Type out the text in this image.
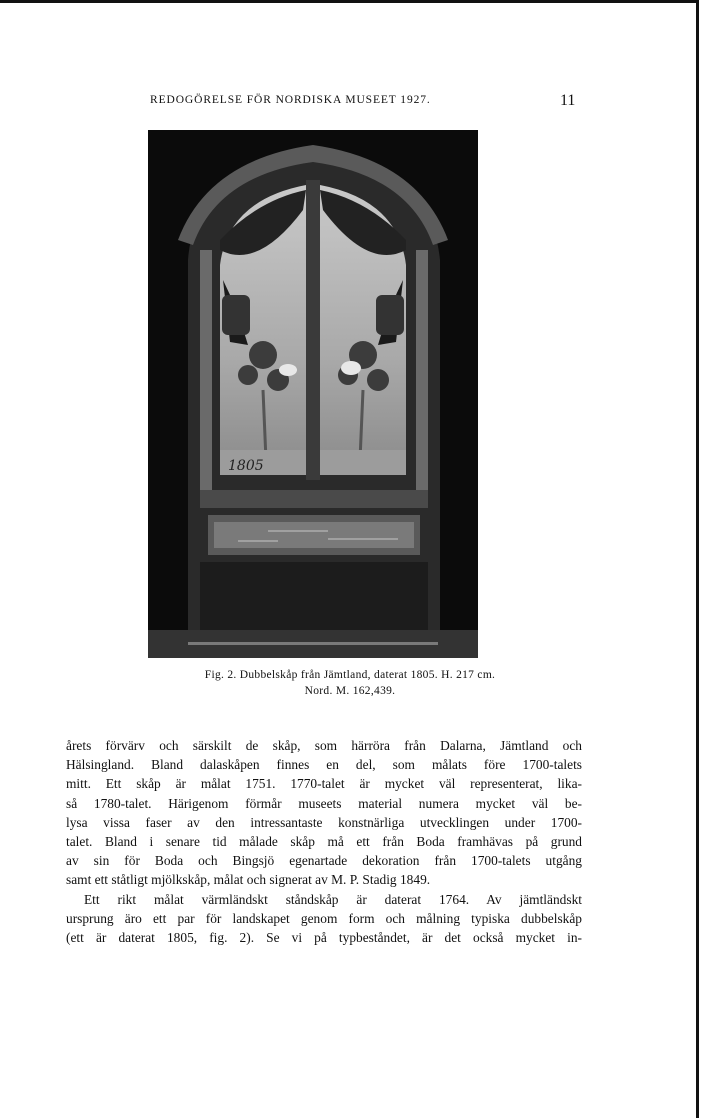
REDOGÖRELSE FÖR NORDISKA MUSEET 1927.	11
1805
Fig. 2. Dubbelskåp från Jämtland, daterat 1805. H. 217 cm.
Nord. M. 162,439.
årets förvärv och särskilt de skåp, som härröra från Dalarna, Jämtland och
Hälsingland. Bland dalaskåpen finnes en del, som målats före 1700-talets
mitt. Ett skåp är målat 1751. 1770-talet är mycket väl representerat, lika-
så 1780-talet. Härigenom förmår museets material numera mycket väl be-
lysa vissa faser av den intressantaste konstnärliga utvecklingen under 1700-
talet. Bland i senare tid målade skåp må ett från Boda framhävas på grund
av sin för Boda och Bingsjö egenartade dekoration från 1700-talets utgång
samt ett ståtligt mjölkskåp, målat och signerat av M. P. Stadig 1849.
Ett rikt målat värmländskt ståndskåp är daterat 1764. Av jämtländskt
ursprung äro ett par för landskapet genom form och målning typiska dubbelskåp
(ett är daterat 1805, fig. 2). Se vi på typbeståndet, är det också mycket in-
